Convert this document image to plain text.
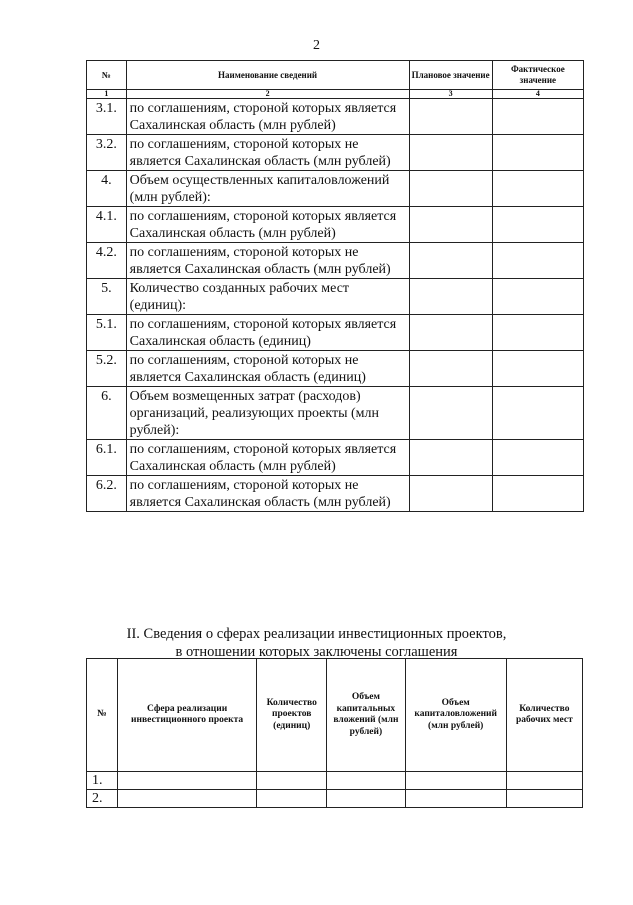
2
№	Наименование сведений	Плановое значение	Фактическое значение
1	2	3	4
3.1.	по соглашениям, стороной которых является Сахалинская область (млн рублей)		
3.2.	по соглашениям, стороной которых не является Сахалинская область (млн рублей)		
4.	Объем осуществленных капиталовложений (млн рублей):		
4.1.	по соглашениям, стороной которых является Сахалинская область (млн рублей)		
4.2.	по соглашениям, стороной которых не является Сахалинская область (млн рублей)		
5.	Количество созданных рабочих мест (единиц):		
5.1.	по соглашениям, стороной которых является Сахалинская область (единиц)		
5.2.	по соглашениям, стороной которых не является Сахалинская область (единиц)		
6.	Объем возмещенных затрат (расходов) организаций, реализующих проекты (млн рублей):		
6.1.	по соглашениям, стороной которых является Сахалинская область (млн рублей)		
6.2.	по соглашениям, стороной которых не является Сахалинская область (млн рублей)		
II. Сведения о сферах реализации инвестиционных проектов,
в отношении которых заключены соглашения
№	Сфера реализации инвестиционного проекта	Количество проектов (единиц)	Объем капитальных вложений (млн рублей)	Объем капиталовложений (млн рублей)	Количество рабочих мест
1.					
2.					
